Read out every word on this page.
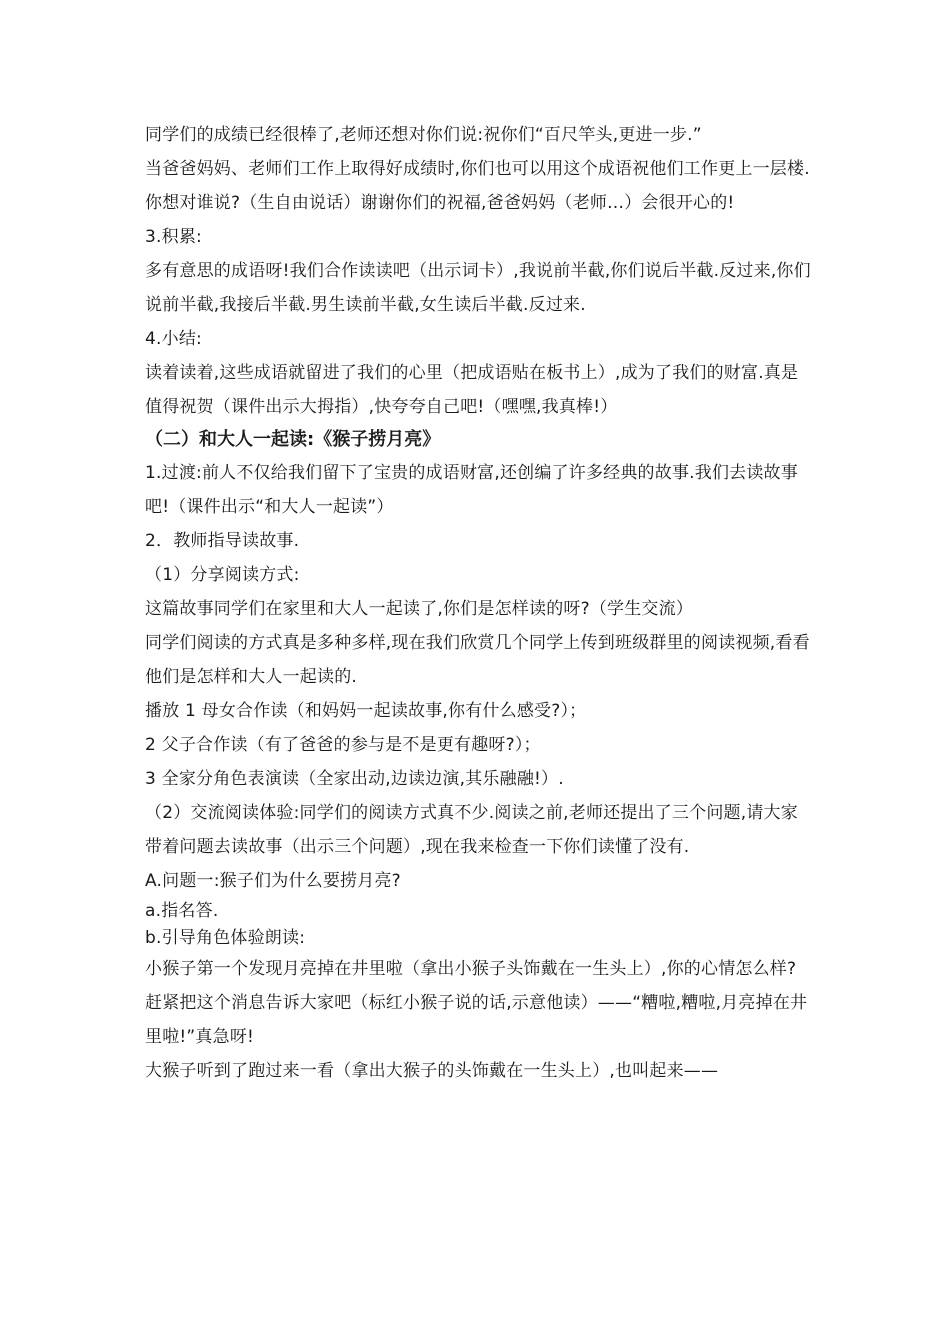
同学们的成绩已经很棒了,老师还想对你们说:祝你们“百尺竿头,更进一步.”

当爸爸妈妈、老师们工作上取得好成绩时,你们也可以用这个成语祝他们工作更上一层楼.你想对谁说?（生自由说话）谢谢你们的祝福,爸爸妈妈（老师…）会很开心的!

3.积累:

多有意思的成语呀!我们合作读读吧（出示词卡）,我说前半截,你们说后半截.反过来,你们说前半截,我接后半截.男生读前半截,女生读后半截.反过来.

4.小结:

读着读着,这些成语就留进了我们的心里（把成语贴在板书上）,成为了我们的财富.真是值得祝贺（课件出示大拇指）,快夸夸自己吧!（嘿嘿,我真棒!）

（二）和大人一起读:《猴子捞月亮》

1.过渡:前人不仅给我们留下了宝贵的成语财富,还创编了许多经典的故事.我们去读故事吧!（课件出示“和大人一起读”）

2．教师指导读故事.

（1）分享阅读方式:

这篇故事同学们在家里和大人一起读了,你们是怎样读的呀?（学生交流）

同学们阅读的方式真是多种多样,现在我们欣赏几个同学上传到班级群里的阅读视频,看看他们是怎样和大人一起读的.

播放 1 母女合作读（和妈妈一起读故事,你有什么感受?）；

2 父子合作读（有了爸爸的参与是不是更有趣呀?）；

3 全家分角色表演读（全家出动,边读边演,其乐融融!）.

（2）交流阅读体验:同学们的阅读方式真不少.阅读之前,老师还提出了三个问题,请大家带着问题去读故事（出示三个问题）,现在我来检查一下你们读懂了没有.

A.问题一:猴子们为什么要捞月亮?

a.指名答.

b.引导角色体验朗读:

小猴子第一个发现月亮掉在井里啦（拿出小猴子头饰戴在一生头上）,你的心情怎么样?赶紧把这个消息告诉大家吧（标红小猴子说的话,示意他读）——“糟啦,糟啦,月亮掉在井里啦!”真急呀!

大猴子听到了跑过来一看（拿出大猴子的头饰戴在一生头上）,也叫起来——
